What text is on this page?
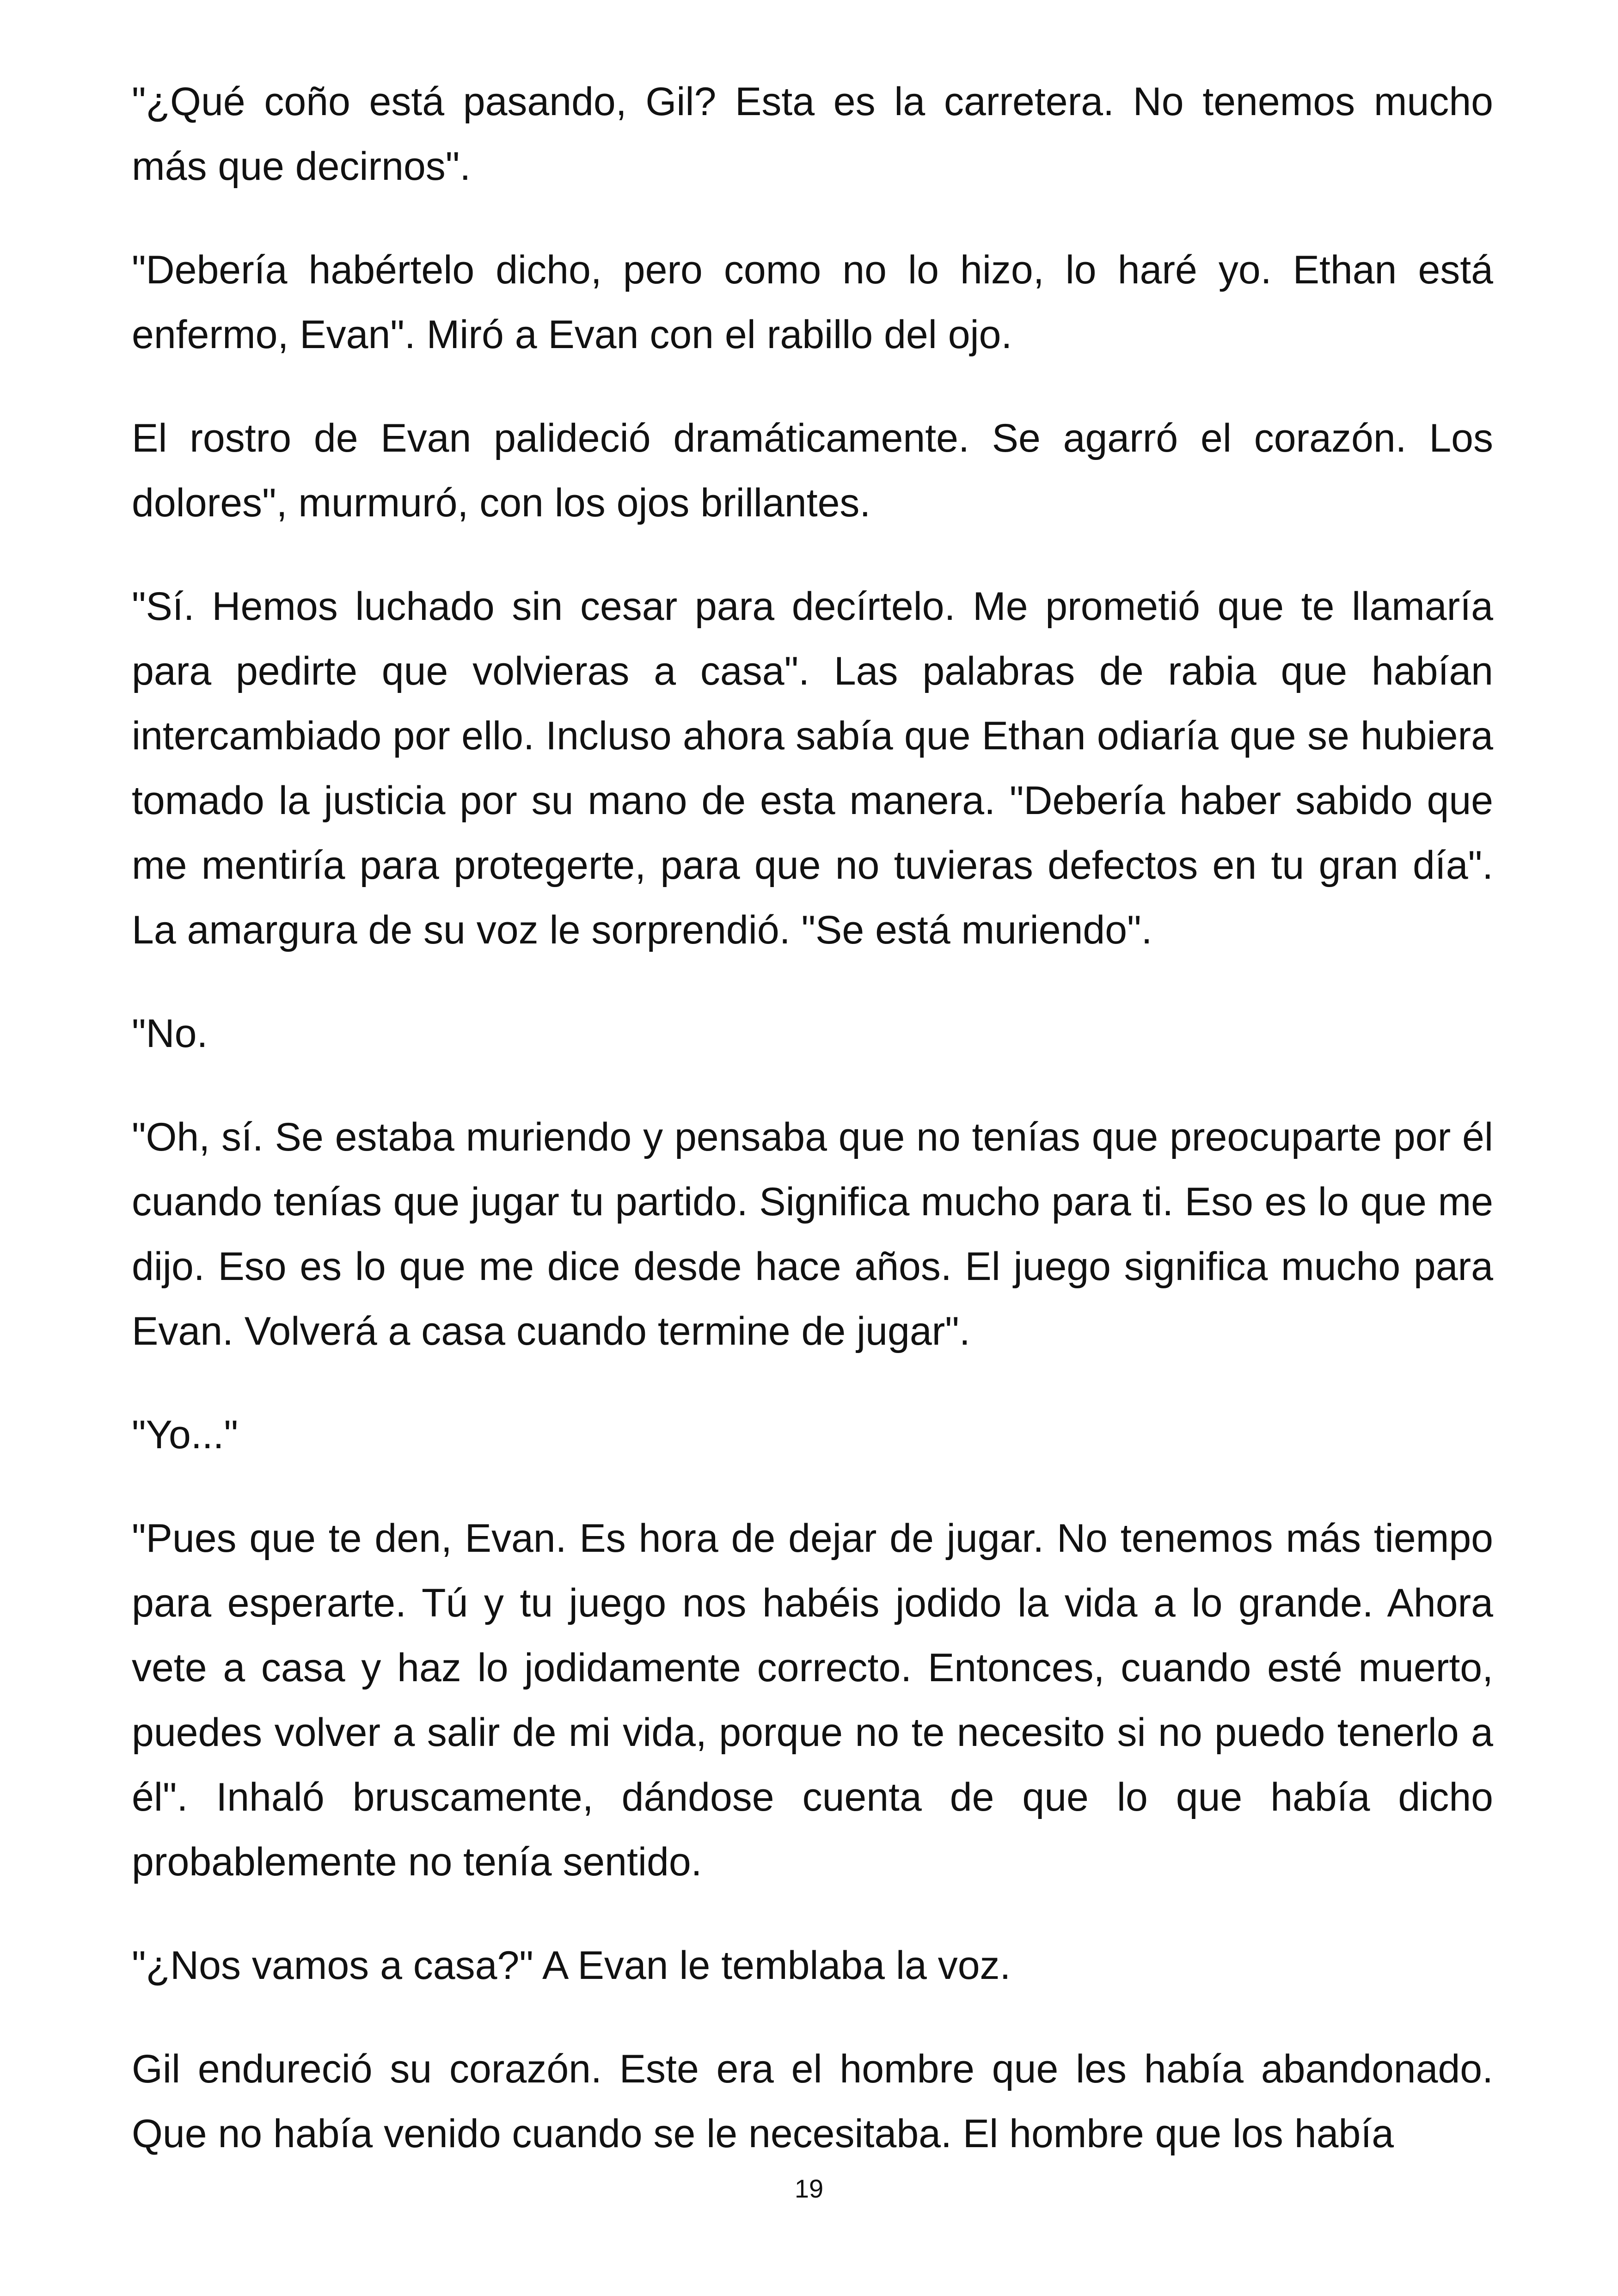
"¿Qué coño está pasando, Gil? Esta es la carretera. No tenemos mucho más que decirnos".

"Debería habértelo dicho, pero como no lo hizo, lo haré yo. Ethan está enfermo, Evan". Miró a Evan con el rabillo del ojo.

El rostro de Evan palideció dramáticamente. Se agarró el corazón. Los dolores", murmuró, con los ojos brillantes.

"Sí. Hemos luchado sin cesar para decírtelo. Me prometió que te llamaría para pedirte que volvieras a casa". Las palabras de rabia que habían intercambiado por ello. Incluso ahora sabía que Ethan odiaría que se hubiera tomado la justicia por su mano de esta manera. "Debería haber sabido que me mentiría para protegerte, para que no tuvieras defectos en tu gran día". La amargura de su voz le sorprendió. "Se está muriendo".

"No.

"Oh, sí. Se estaba muriendo y pensaba que no tenías que preocuparte por él cuando tenías que jugar tu partido. Significa mucho para ti. Eso es lo que me dijo. Eso es lo que me dice desde hace años. El juego significa mucho para Evan. Volverá a casa cuando termine de jugar".

"Yo..."

"Pues que te den, Evan. Es hora de dejar de jugar. No tenemos más tiempo para esperarte. Tú y tu juego nos habéis jodido la vida a lo grande. Ahora vete a casa y haz lo jodidamente correcto. Entonces, cuando esté muerto, puedes volver a salir de mi vida, porque no te necesito si no puedo tenerlo a él". Inhaló bruscamente, dándose cuenta de que lo que había dicho probablemente no tenía sentido.

"¿Nos vamos a casa?" A Evan le temblaba la voz.

Gil endureció su corazón. Este era el hombre que les había abandonado. Que no había venido cuando se le necesitaba. El hombre que los había

19
